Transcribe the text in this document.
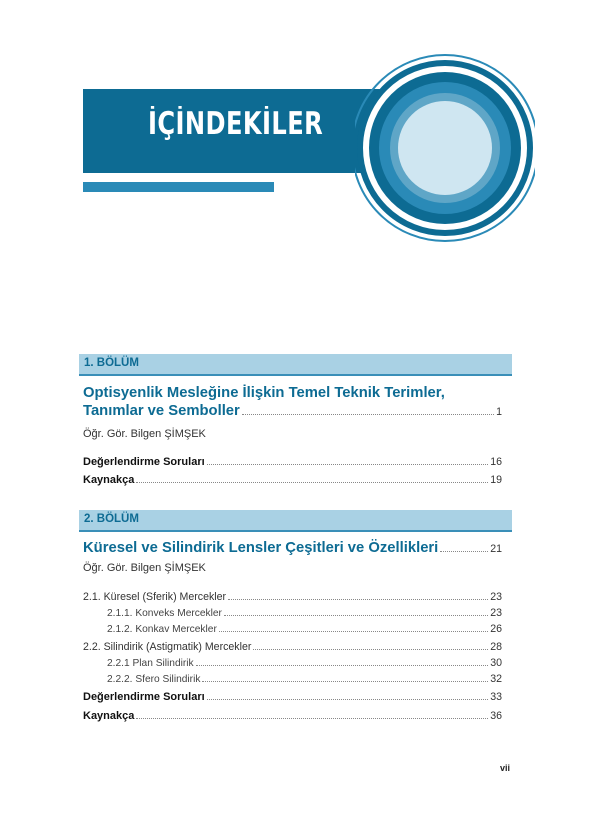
İÇİNDEKİLER
1. BÖLÜM
Optisyenlik Mesleğine İlişkin Temel Teknik Terimler,
Tanımlar ve Semboller	1
Öğr. Gör. Bilgen ŞİMŞEK
Değerlendirme Soruları	16
Kaynakça	19
2. BÖLÜM
Küresel ve Silindirik Lensler Çeşitleri ve Özellikleri	21
Öğr. Gör. Bilgen ŞİMŞEK
2.1. Küresel (Sferik) Mercekler	23
2.1.1. Konveks Mercekler	23
2.1.2. Konkav Mercekler	26
2.2. Silindirik (Astigmatik) Mercekler	28
2.2.1 Plan Silindirik	30
2.2.2. Sfero Silindirik	32
Değerlendirme Soruları	33
Kaynakça	36
vii
